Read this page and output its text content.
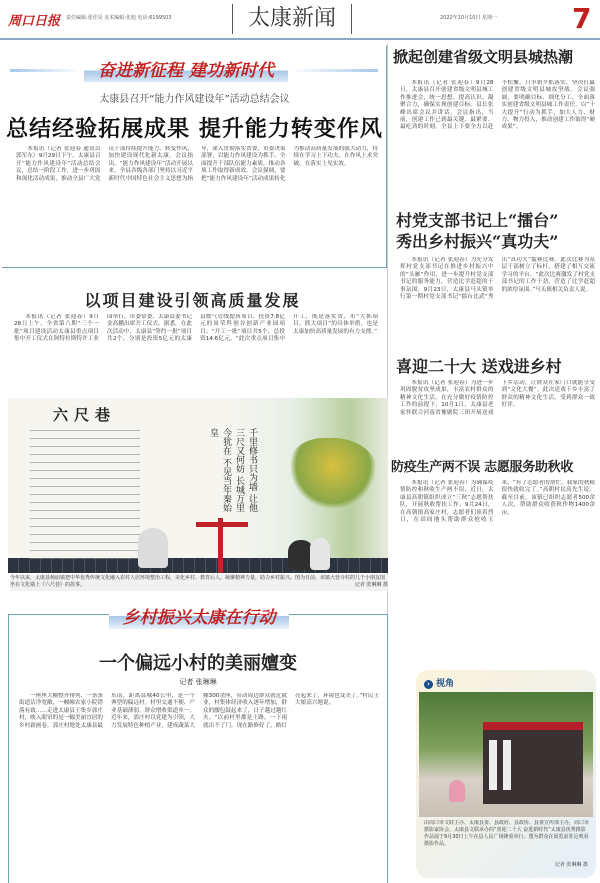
周口日报 责任编辑:张佳昊 美术编辑:张旭 电话:6199503	太康新闻	2022年10月10日 星期一	7
奋进新征程 建功新时代
太康县召开“能力作风建设年”活动总结会议
总结经验拓展成果 提升能力转变作风

本报讯（记者 张迎春 通讯员 郭军东）9月29日下午，太康县召开“能力作风建设年”活动总结会议，总结一阶段工作，进一步巩固和深化活动成果，推动全县广大党员干部持续提升能力、转变作风，加快建设现代化新太康。会议指出，“能力作风建设年”活动开展以来，全县各级各部门坚持以习近平新时代中国特色社会主义思想为指导，深入贯彻落实省委、市委决策部署，以能力作风建设为抓手，全面提升干部队伍能力素质，推动各项工作取得新成效。会议强调，要把“能力作风建设年”活动成果转化为推动高质量发展的强大动力，持续在学习上下功夫、在作风上求突破、在落实上见实效。

以项目建设引领高质量发展

本报讯（记者 张迎春）9月28日上午，全省第六期“三个一批”项目建设活动太康县重点项目集中开工仪式在阿特拉斯特许工业园举行，市委常委、太康县委书记金高鹏出席开工仪式。据悉，在此次活动中，太康县“签约一批”项目共2个，分别是投资5亿元的太康县燃气管线提质项目、投资7.8亿元的周荣科创谷创新产业园项目；“开工一批”项目共5个，总投资14.6亿元。“此次重点项目集中开工，既是落实省、市“大抓项目、抓大项目”的具体举措，也是太康加快高质量发展的有力支撑。”

六尺巷
千里修书只为墙 让他三尺又何妨 长城万里今犹在 不见当年秦始皇
今年以来，太康县杨庙镇把中华优秀传统文化融入农村人居环境整治工程，美化乡村、教育后人，凝聚精神力量，助力乡村振兴。图为日前，该镇大营寺村的几个小朋友围坐在文化墙上《六尺巷》的故事。	记者 张琳琳 摄
乡村振兴太康在行动
一个偏远小村的美丽嬗变
记者 张琳琳

一座座大棚整齐排列，一条条街道洁净宽敞，一幢幢农家小院错落有致……走进太康县王集乡郭庄村，映入眼帘的是一幅美丽宜居的乡村新画卷。郭庄村地处太康县最东南，距离县城40公里，是一个典型的偏远村。村里交通不便、产业基础薄弱，群众增收渠道单一。近年来，郭庄村以党建为引领，大力发展特色种植产业，建成蔬菜大棚300余座，带动周边群众就近就业，村集体经济收入逐年增加，群众的腰包鼓起来了，日子越过越红火。“以前村里都是土路，一下雨就出不了门。现在路修好了，路灯亮起来了，环境也变美了。”村民王大娘高兴地说。

掀起创建省级文明县城热潮

本报讯（记者 张迎春）9月28日，太康县召开创建省级文明县城工作推进会，统一思想、提高认识、凝聚合力，确保实现创建目标。县长张峰出席会议并讲话。会议指出，当前，创建工作已到最关键、最紧要、最吃劲的时刻，全县上下要全力以赴不松懈，只争朝夕抓落实，坚决打赢创建省级文明县城攻坚战。会议强调，要明确目标、细化分工，全面落实创建省级文明县城工作责任，以“十大提升”行动为抓手，加大人力、财力、物力投入，推动创建工作取得“硬成果”。

村党支部书记上“擂台”
秀出乡村振兴“真功夫”

本报讯（记者 张迎春）为充分发挥村党支部书记在推进乡村振兴中的“头雁”作用，进一步提升村党支部书记的服务能力，营造比学赶超的干事氛围，9月23日，太康县马头镇举行第一期村党支部书记“擂台比武”秀出“真功夫”擂赛比赛。此次比赛为基层干部树立了标杆，搭建了相互交流学习的平台。“此次比赛激发了村党支部书记的工作干劲，营造了比学赶超的浓厚氛围。”马头镇相关负责人说。

喜迎二十大 送戏进乡村

本报讯（记者 张迎春）为进一步巩固脱贫攻坚成果，丰富农村群众的精神文化生活，在充分做好疫情防控工作的前提下，10月1日，太康县老家怀联合河南省豫剧院三团开展送戏下乡活动，让群众在家门口就能享受到“文化大餐”。此次送戏下乡丰富了群众的精神文化生活，受到群众一致好评。

防疫生产两不误 志愿服务助秋收

本报讯（记者 张迎春）为确保疫情防控和秋收生产两不误，近日，太康县高朝镇组织成立“三秋”志愿帮扶队，开展秋收帮扶工作。9月24日，在高朝镇高家庄村，志愿者们顶着烈日，在田间地头帮助群众抢收玉米。“有了志愿者的帮忙，我家的秋粮很快就收完了。”高朝村民高先生说。截至目前，该镇已组织志愿者500余人次，帮助群众收获秋作物1400余亩。

› 视角
由周口市文联主办、太康县委、县政府、县政协、县委宣传部主办，周口市摄影家协会、太康县文联承办的“喜迎二十大 奋进新时代”太康县优秀摄影作品展于9月30日上午在县人民广场隆重举行。图为群众在展览前驻足观看摄影作品。
记者 张琳琳 摄
